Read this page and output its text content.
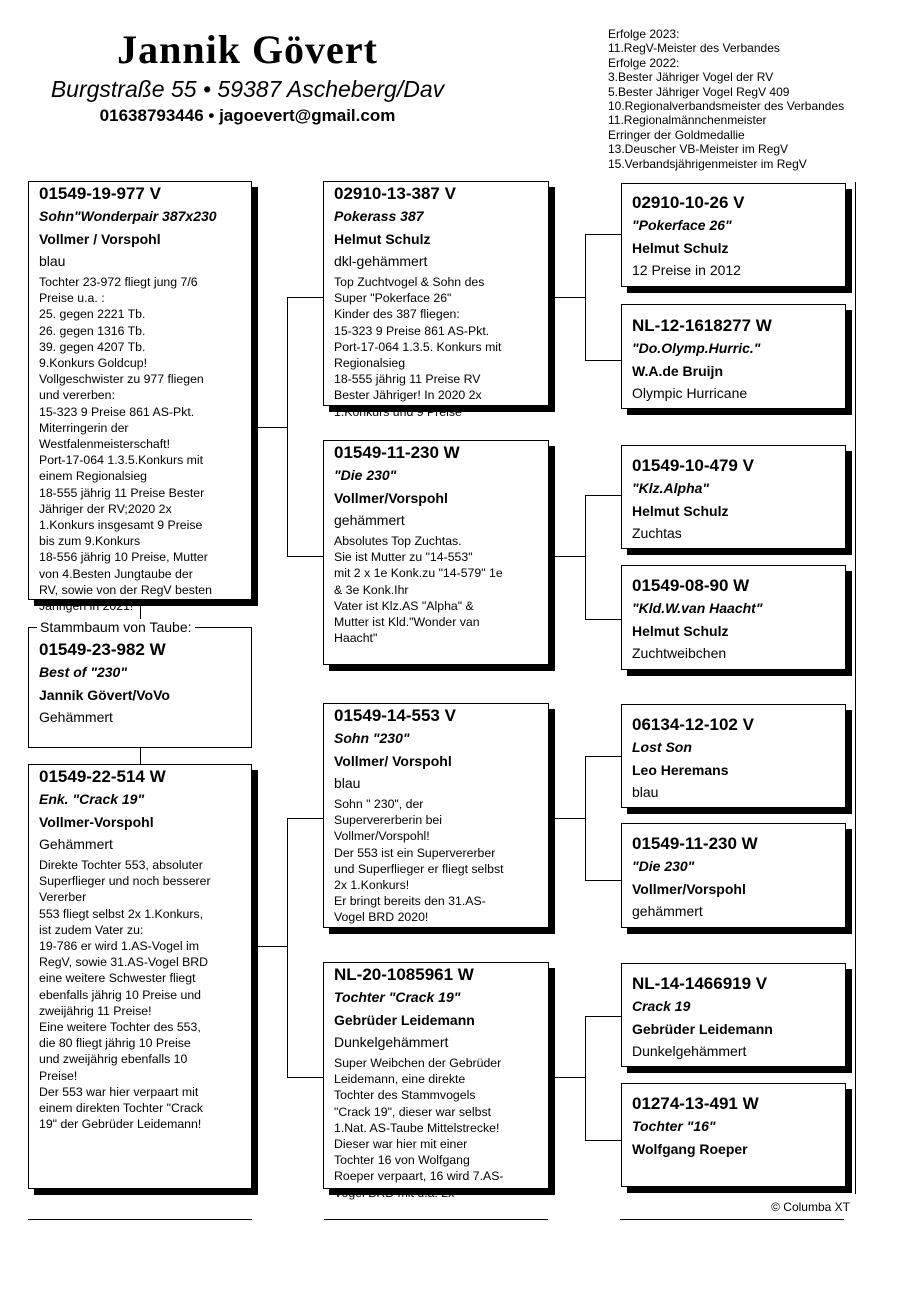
Jannik Gövert
Burgstraße 55 • 59387 Ascheberg/Dav
01638793446 • jagoevert@gmail.com
Erfolge 2023:
11.RegV-Meister des Verbandes
Erfolge 2022:
3.Bester Jähriger Vogel der RV
5.Bester Jähriger Vogel RegV 409
10.Regionalverbandsmeister des Verbandes
11.Regionalmännchenmeister
Erringer der Goldmedallie
13.Deuscher VB-Meister im RegV
15.Verbandsjährigenmeister im RegV
01549-19-977 V
Sohn"Wonderpair 387x230
Vollmer / Vorspohl
blau
Tochter 23-972 fliegt jung 7/6
Preise u.a. :
25. gegen 2221 Tb.
26. gegen 1316 Tb.
39. gegen 4207 Tb.
9.Konkurs Goldcup!
Vollgeschwister zu 977 fliegen
und vererben:
15-323 9 Preise 861 AS-Pkt.
Miterringerin der
Westfalenmeisterschaft!
Port-17-064 1.3.5.Konkurs mit
einem Regionalsieg
18-555 jährig 11 Preise Bester
Jähriger der RV;2020 2x
1.Konkurs insgesamt 9 Preise
bis zum 9.Konkurs
18-556 jährig 10 Preise, Mutter
von 4.Besten Jungtaube der
RV, sowie von der RegV besten
Jährigen in 2021!
Stammbaum von Taube:
01549-23-982 W
Best of "230"
Jannik Gövert/VoVo
Gehämmert
01549-22-514 W
Enk. "Crack 19"
Vollmer-Vorspohl
Gehämmert
Direkte Tochter 553, absoluter
Superflieger und noch besserer
Vererber
553 fliegt selbst 2x 1.Konkurs,
ist zudem Vater zu:
19-786 er wird 1.AS-Vogel im
RegV, sowie 31.AS-Vogel BRD
eine weitere Schwester fliegt
ebenfalls jährig 10 Preise und
zweijährig 11 Preise!
Eine weitere Tochter des 553,
die 80 fliegt jährig 10 Preise
und zweijährig ebenfalls 10
Preise!
Der 553 war hier verpaart mit
einem direkten Tochter "Crack
19" der Gebrüder Leidemann!
02910-13-387 V
Pokerass 387
Helmut Schulz
dkl-gehämmert
Top Zuchtvogel & Sohn des
Super "Pokerface 26"
Kinder des 387 fliegen:
15-323 9 Preise 861 AS-Pkt.
Port-17-064 1.3.5. Konkurs mit
Regionalsieg
18-555 jährig 11 Preise RV
Bester Jähriger! In 2020 2x
1.Konkurs und 9 Preise
01549-11-230 W
"Die 230"
Vollmer/Vorspohl
gehämmert
Absolutes Top Zuchtas.
Sie ist Mutter zu "14-553"
mit 2 x 1e Konk.zu "14-579" 1e
& 3e Konk.Ihr
Vater ist Klz.AS "Alpha" &
Mutter ist Kld."Wonder van
Haacht"
01549-14-553 V
Sohn "230"
Vollmer/ Vorspohl
blau
Sohn " 230", der
Supervererberin bei
Vollmer/Vorspohl!
Der 553 ist ein Supervererber
und Superflieger er fliegt selbst
2x 1.Konkurs!
Er bringt bereits den 31.AS-
Vogel BRD 2020!
NL-20-1085961 W
Tochter "Crack 19"
Gebrüder Leidemann
Dunkelgehämmert
Super Weibchen der Gebrüder
Leidemann, eine direkte
Tochter des Stammvogels
"Crack 19", dieser war selbst
1.Nat. AS-Taube Mittelstrecke!
Dieser war hier mit einer
Tochter 16 von Wolfgang
Roeper verpaart, 16 wird 7.AS-
Vogel BRD mit u.a. 2x
02910-10-26 V
"Pokerface 26"
Helmut Schulz
12 Preise in 2012
NL-12-1618277 W
"Do.Olymp.Hurric."
W.A.de Bruijn
Olympic Hurricane
01549-10-479 V
"Klz.Alpha"
Helmut Schulz
Zuchtas
01549-08-90 W
"Kld.W.van Haacht"
Helmut Schulz
Zuchtweibchen
06134-12-102 V
Lost Son
Leo Heremans
blau
01549-11-230 W
"Die 230"
Vollmer/Vorspohl
gehämmert
NL-14-1466919 V
Crack 19
Gebrüder Leidemann
Dunkelgehämmert
01274-13-491 W
Tochter "16"
Wolfgang Roeper
© Columba XT
